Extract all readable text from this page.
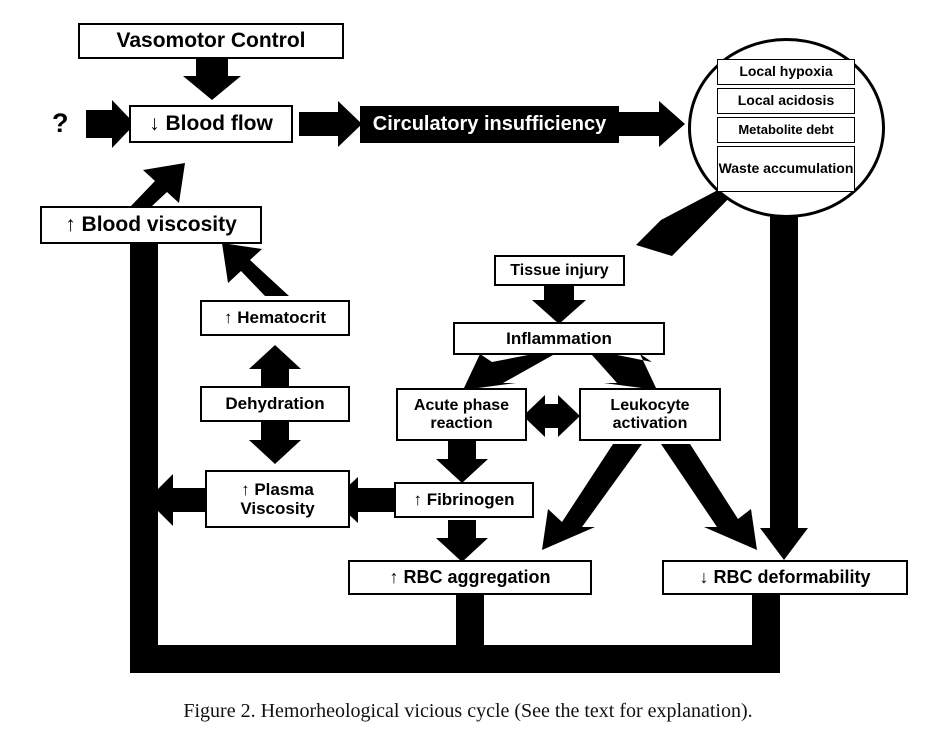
?
Vasomotor Control
↓ Blood flow	Circulatory insufficiency
Local hypoxia
Local acidosis
Metabolite debt
Waste accumulation
↑ Blood viscosity
↑ Hematocrit
Dehydration
↑ Plasma Viscosity
Tissue injury
Inflammation
Acute phase reaction
Leukocyte activation
↑ Fibrinogen
↑ RBC aggregation	↓ RBC deformability
Figure 2. Hemorheological vicious cycle (See the text for explanation).
